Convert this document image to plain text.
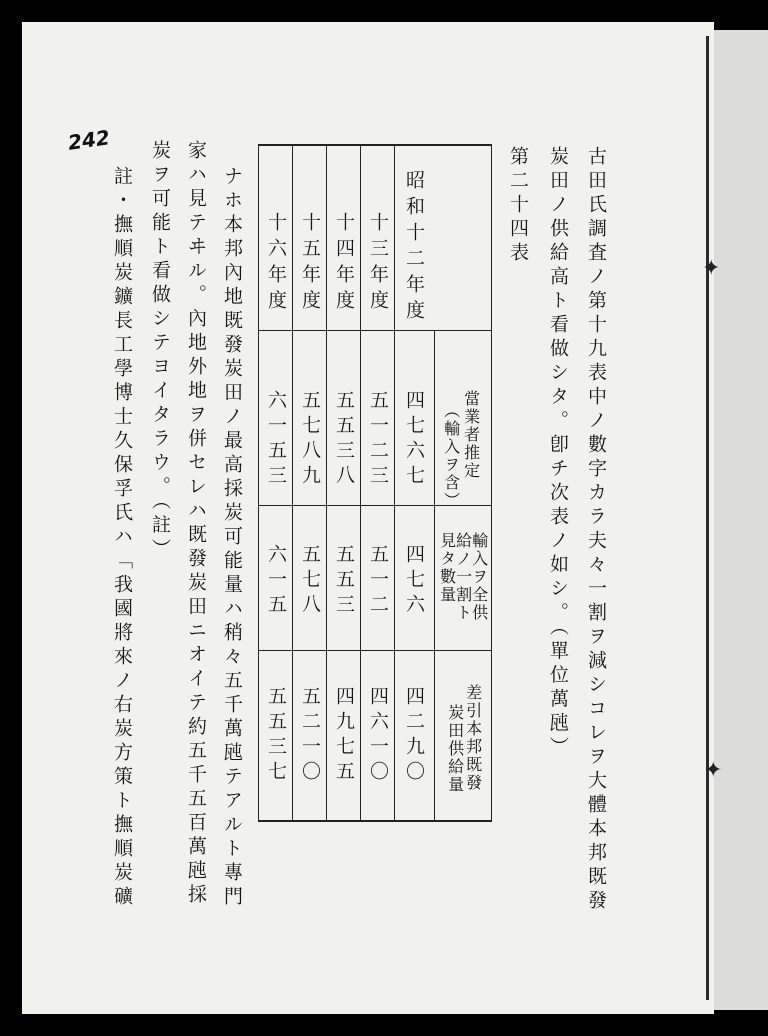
✦
✦
242
古田氏調査ノ第十九表中ノ數字カラ夫々一割ヲ減シコレヲ大體本邦既發
炭田ノ供給高ト看做シタ。卽チ次表ノ如シ。（單位萬瓲）
第二十四表
當業者推定
（輸入ヲ含）
輸入ヲ全供
給ノ一割ト
見タ數量
差引本邦既發
炭田供給量
昭和十二年度
四七六七
四七六
四二九〇
十三年度
五一二三
五一二
四六一〇
十四年度
五五三八
五五三
四九七五
十五年度
五七八九
五七八
五二一〇
十六年度
六一五三
六一五
五五三七
ナホ本邦內地既發炭田ノ最高採炭可能量ハ稍々五千萬瓲テアルト專門
家ハ見テヰル。內地外地ヲ併セレハ既發炭田ニオイテ約五千五百萬瓲採
炭ヲ可能ト看做シテヨイタラウ。（註）
註・撫順炭鑛長工學博士久保孚氏ハ「我國將來ノ右炭方策ト撫順炭礦
